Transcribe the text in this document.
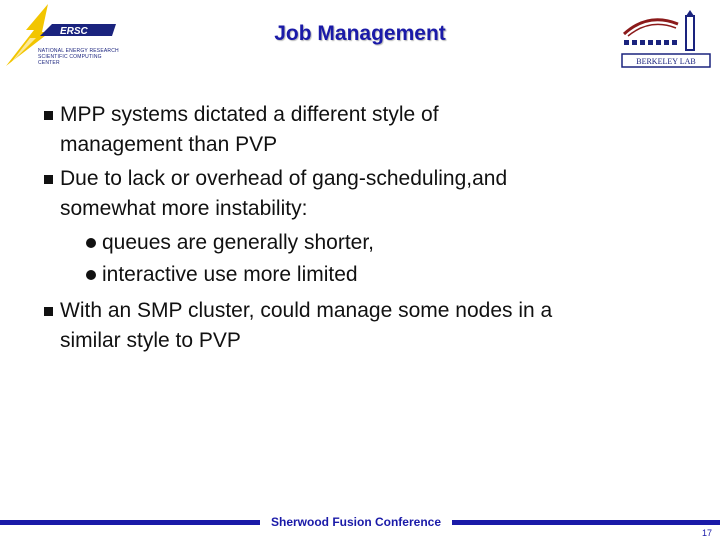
ERSC
NATIONAL ENERGY RESEARCH
SCIENTIFIC COMPUTING CENTER	BERKELEY LAB
Job Management
MPP systems dictated a different style of
management than PVP
Due to lack or overhead of gang-scheduling,and
somewhat more instability:
queues are generally shorter,
interactive use more limited
With an SMP cluster, could manage some nodes in a
similar style to PVP
Sherwood Fusion Conference
17
